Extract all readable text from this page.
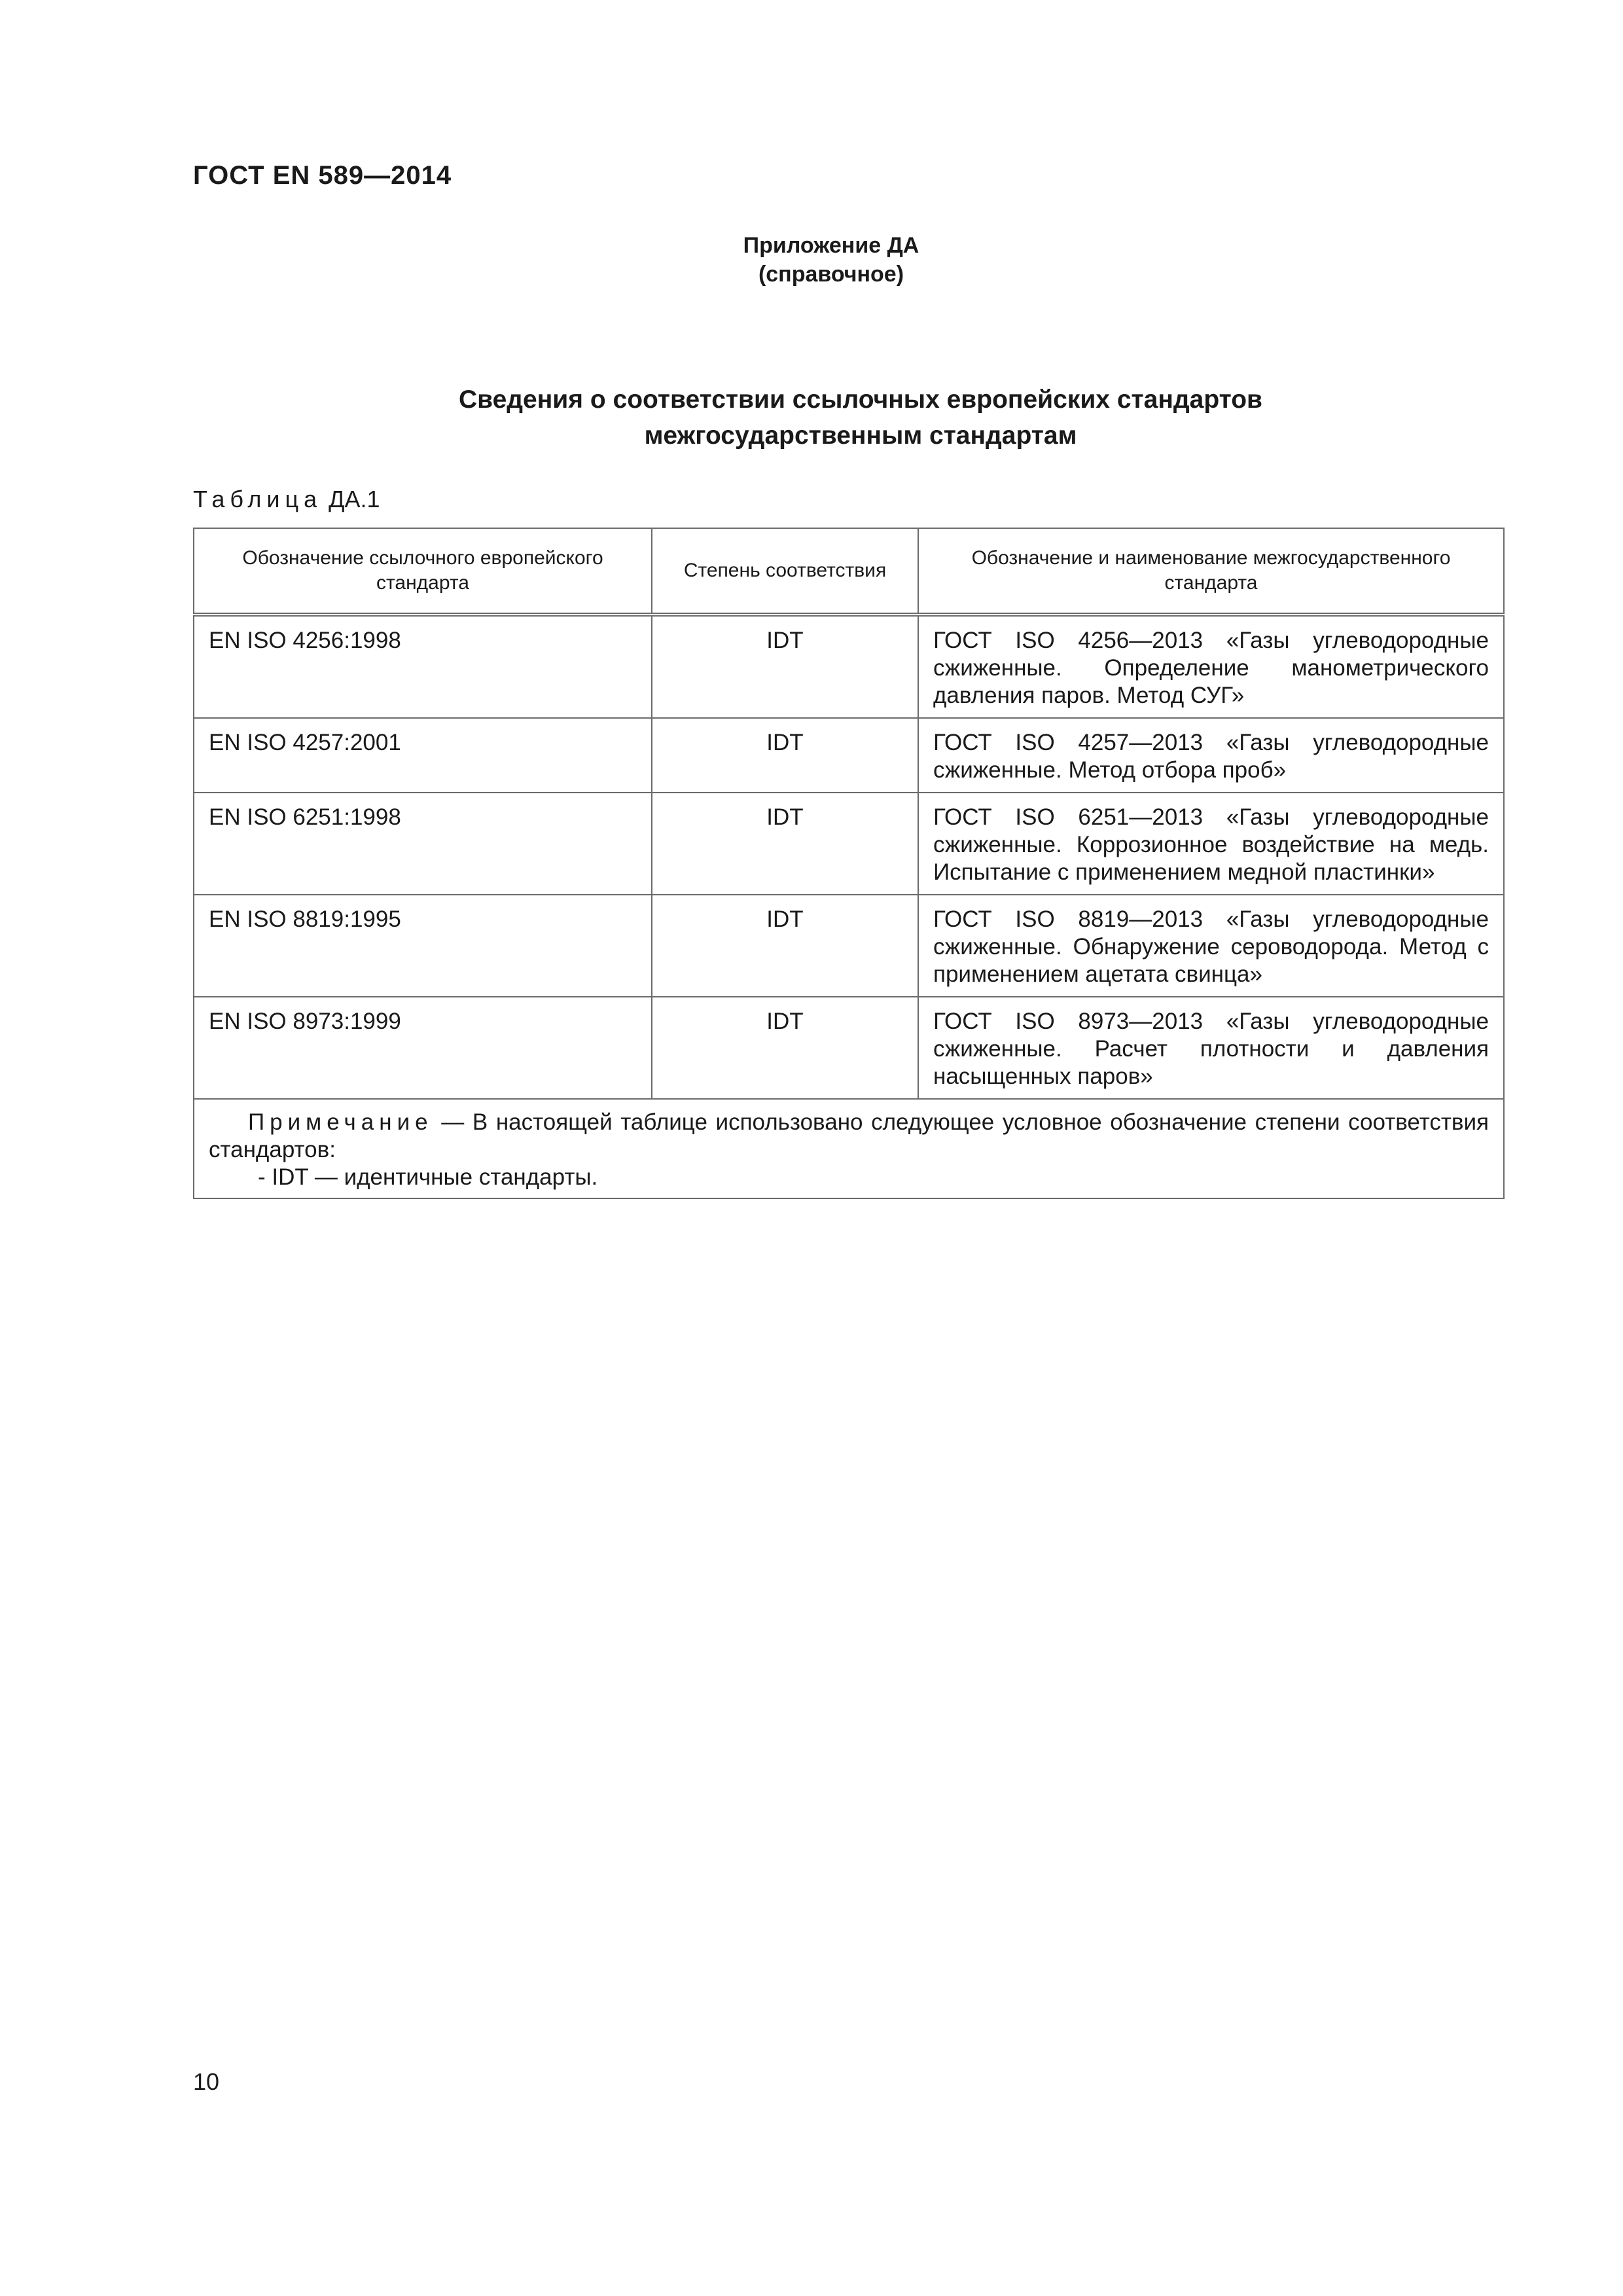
ГОСТ EN 589—2014
Приложение ДА
(справочное)
Сведения о соответствии ссылочных европейских стандартов
межгосударственным стандартам
Таблица ДА.1
Обозначение ссылочного европейского стандарта	Степень соответствия	Обозначение и наименование межгосударственного стандарта
EN ISO 4256:1998	IDT	ГОСТ ISO 4256—2013 «Газы углеводородные сжиженные. Определение манометрического давления паров. Метод СУГ»
EN ISO 4257:2001	IDT	ГОСТ ISO 4257—2013 «Газы углеводородные сжиженные. Метод отбора проб»
EN ISO 6251:1998	IDT	ГОСТ ISO 6251—2013 «Газы углеводородные сжиженные. Коррозионное воздействие на медь. Испытание с применением медной пластинки»
EN ISO 8819:1995	IDT	ГОСТ ISO 8819—2013 «Газы углеводородные сжиженные. Обнаружение сероводорода. Метод с применением ацетата свинца»
EN ISO 8973:1999	IDT	ГОСТ ISO 8973—2013 «Газы углеводородные сжиженные. Расчет плотности и давления насыщенных паров»

Примечание — В настоящей таблице использовано следующее условное обозначение степени соответствия стандартов:
- IDT — идентичные стандарты.		
10
